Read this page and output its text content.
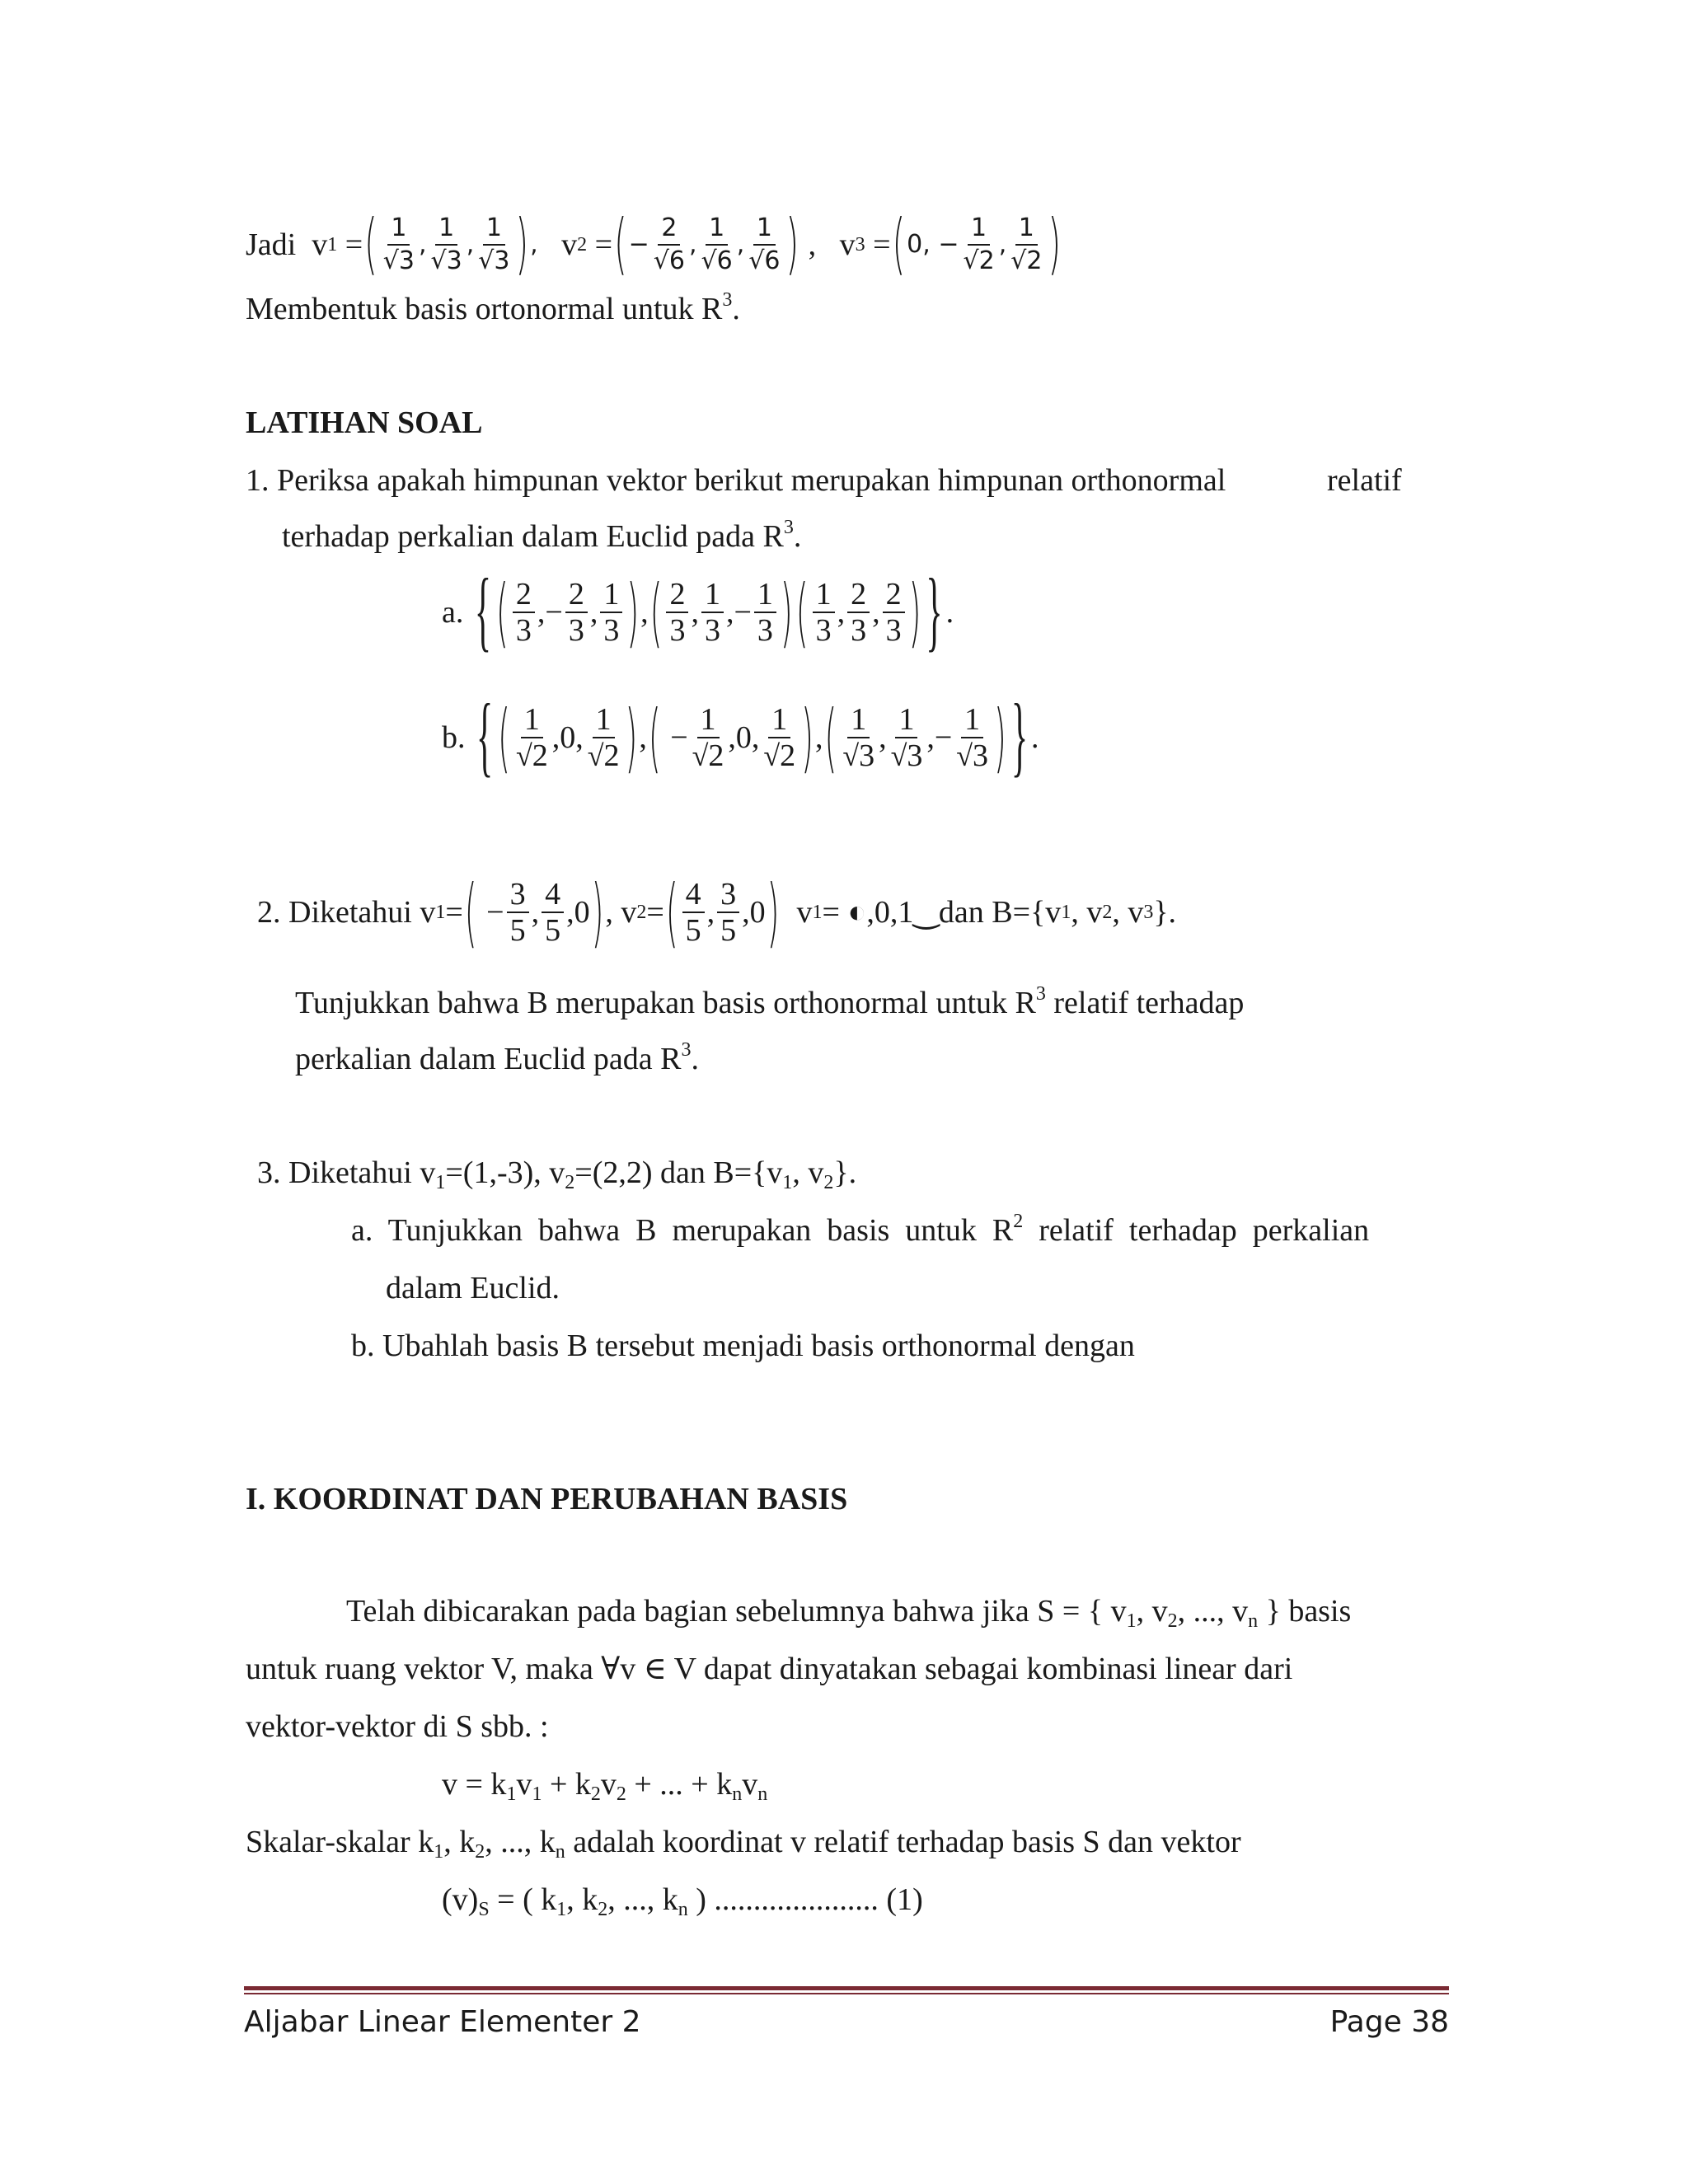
Jadi
v 1
= ( 1
√3
,
1
√3
,
1
√3 ) ,
v 2
= ( − $\frac{2}{√6}$ ,
1
√6
,
1
√6 ) , v 3
= ( 0 , − $\frac{1}{√2}$ ,
1
√2 )
Membentuk basis ortonormal untuk $R^3$.
LATIHAN SOAL
1. Periksa apakah himpunan vektor berikut merupakan himpunan orthonormal	relatif
terhadap perkalian dalam Euclid pada $R^3$.
a.
{ ( 2
3
, − $\frac{2}{3}$ ,
1
3 ) , ( 2
3
,
1
3
, − $\frac{1}{3}$ ) ( 1
3
,
2
3
,
2
3 ) } .
b.
{ ( 1
√2
, 0 ,
1
√2 ) , (
− $\frac{1}{√2}$ , 0 ,
1
√2 ) , ( 1
√3
,
1
√3
, − $\frac{1}{√3}$ ) } .
2. Diketahui v 1 = (
− $\frac{3}{5}$ ,
4
5
, 0 ) , v 2 = ( 4
5
,
3
5
, 0 )
v 1 = ◐,0,1‿ dan B={v 1 , v 2 , v 3 }.
Tunjukkan bahwa B merupakan basis orthonormal untuk $R^3$ relatif terhadap
perkalian dalam Euclid pada $R^3$.
3. Diketahui $v_1=(1,-3)$, $v_2=(2,2)$ dan $B=\{v_1$, $v_2$}.
a.  Tunjukkan  bahwa  B  merupakan  basis  untuk  $R^2$  relatif  terhadap  perkalian
dalam Euclid.
b. Ubahlah basis B tersebut menjadi basis orthonormal dengan
I. KOORDINAT DAN PERUBAHAN BASIS
Telah dibicarakan pada bagian sebelumnya bahwa jika S = { $v_1$, $v_2$, ..., $v_n$ } basis
untuk ruang vektor V, maka ∀v ∈ V dapat dinyatakan sebagai kombinasi linear dari
vektor-vektor di S sbb. :
$v = k_1v_1 + k_2v_2$ + ... + $k_nv_n$
Skalar-skalar $k_1$, $k_2$, ..., $k_n$ adalah koordinat v relatif terhadap basis S dan vektor
$(v)_S$ = ( $k_1$, $k_2$, ..., $k_n$ ) ..................... (1)
Aljabar Linear Elementer 2	Page 38
